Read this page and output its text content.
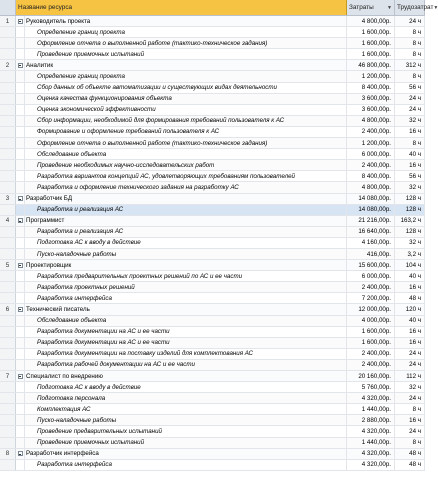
Название ресурса	Затраты	▼ Трудозатрат ▼
1	Руководитель проекта	4 800,00р.	24 ч
Определение границ проекта	1 600,00р.	8 ч
Оформление отчета о выполненной работе (тактико-техническое задания)	1 600,00р.	8 ч
Проведение приемочных испытаний	1 600,00р.	8 ч
2	Аналитик	46 800,00р.	312 ч
Определение границ проекта	1 200,00р.	8 ч
Сбор данных об объекте автоматизации и существующих видах деятельности	8 400,00р.	56 ч
Оценка качества функционирования объекта	3 600,00р.	24 ч
Оценка экономической эффективности	3 600,00р.	24 ч
Сбор информации, необходимой для формирования требований пользователя к АС	4 800,00р.	32 ч
Формирование и оформление требований пользователя к АС	2 400,00р.	16 ч
Оформление отчета о выполненной работе (тактико-техническое задания)	1 200,00р.	8 ч
Обследование объекта	6 000,00р.	40 ч
Проведение необходимых научно-исследовательских работ	2 400,00р.	16 ч
Разработка вариантов концепций АС, удовлетворяющих требованиям пользователей	8 400,00р.	56 ч
Разработка и оформление технического задания на разработку АС	4 800,00р.	32 ч
3	Разработчик БД	14 080,00р.	128 ч
Разработка и реализация АС	14 080,00р.	128 ч
4	Программист	21 216,00р.	163,2 ч
Разработка и реализация АС	16 640,00р.	128 ч
Подготовка АС к вводу в действие	4 160,00р.	32 ч
Пуско-наладочные работы	416,00р.	3,2 ч
5	Проектировщик	15 600,00р.	104 ч
Разработка предварительных проектных решений по АС и ее части	6 000,00р.	40 ч
Разработка проектных решений	2 400,00р.	16 ч
Разработка интерфейса	7 200,00р.	48 ч
6	Технический писатель	12 000,00р.	120 ч
Обследование объекта	4 000,00р.	40 ч
Разработка документации на АС и ее части	1 600,00р.	16 ч
Разработка документации на АС и ее части	1 600,00р.	16 ч
Разработка документации на поставку изделий для комплектования АС	2 400,00р.	24 ч
Разработка рабочей документации на АС и ее части	2 400,00р.	24 ч
7	Специалист по внедрению	20 160,00р.	112 ч
Подготовка АС к вводу в действие	5 760,00р.	32 ч
Подготовка персонала	4 320,00р.	24 ч
Комплектация АС	1 440,00р.	8 ч
Пуско-наладочные работы	2 880,00р.	16 ч
Проведение предварительных испытаний	4 320,00р.	24 ч
Проведение приемочных испытаний	1 440,00р.	8 ч
8	Разработчик интерфейса	4 320,00р.	48 ч
Разработка интерфейса	4 320,00р.	48 ч
